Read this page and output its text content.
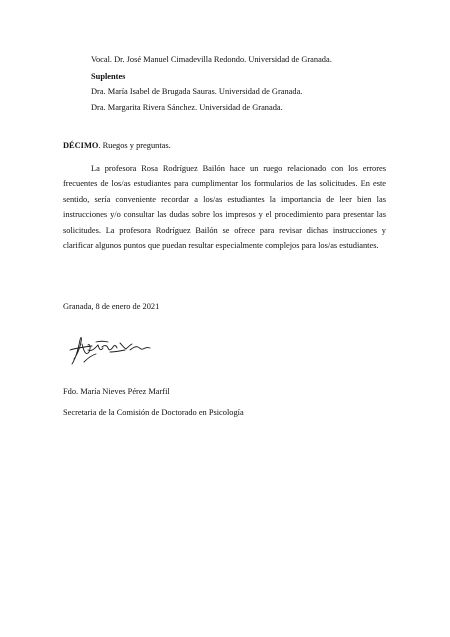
Vocal. Dr. José Manuel Cimadevilla Redondo. Universidad de Granada.
Suplentes
Dra. María Isabel de Brugada Sauras. Universidad de Granada.
Dra. Margarita Rivera Sánchez. Universidad de Granada.
DÉCIMO. Ruegos y preguntas.
La profesora Rosa Rodríguez Bailón hace un ruego relacionado con los errores frecuentes de los/as estudiantes para cumplimentar los formularios de las solicitudes. En este sentido, sería conveniente recordar a los/as estudiantes la importancia de leer bien las instrucciones y/o consultar las dudas sobre los impresos y el procedimiento para presentar las solicitudes. La profesora Rodríguez Bailón se ofrece para revisar dichas instrucciones y clarificar algunos puntos que puedan resultar especialmente complejos para los/as estudiantes.
Granada, 8 de enero de 2021
Fdo. María Nieves Pérez Marfil
Secretaria de la Comisión de Doctorado en Psicología
